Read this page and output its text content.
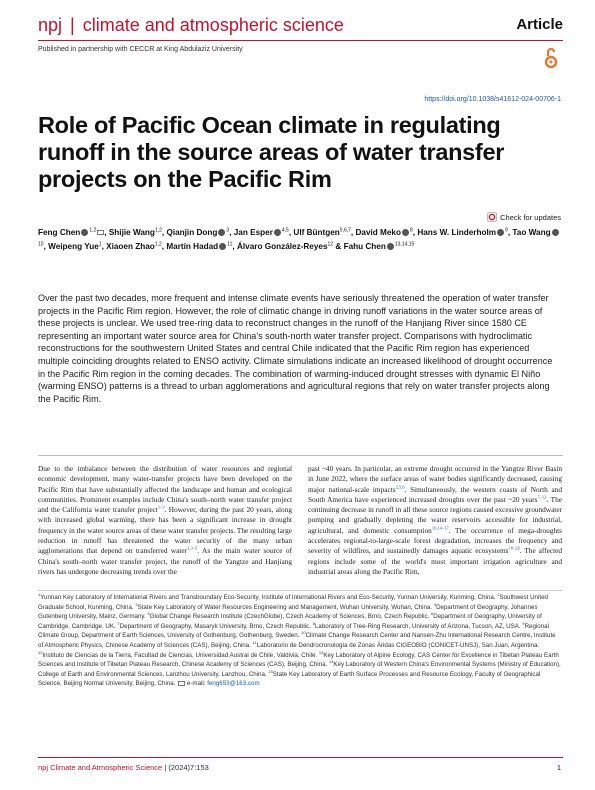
npj | climate and atmospheric science	Article
Published in partnership with CECCR at King Abdulaziz University
https://doi.org/10.1038/s41612-024-00706-1
Role of Pacific Ocean climate in regulating runoff in the source areas of water transfer projects on the Pacific Rim
Check for updates
Feng Chen $^{1,2}$ , Shijie Wang$^{1,2}$, Qianjin Dong $^3$, Jan Esper $^{4,5}$, Ulf Büntgen$^{5,6,7}$, David Meko $^8$, Hans W. Linderholm $^9$, Tao Wang$^{10}$, Weipeng Yue$^1$, Xiaoen Zhao$^{1,2}$, Martín Hadad $^{11}$, Álvaro González-Reyes$^{12}$ & Fahu Chen $^{13,14,15}$
Over the past two decades, more frequent and intense climate events have seriously threatened the operation of water transfer projects in the Pacific Rim region. However, the role of climatic change in driving runoff variations in the water source areas of these projects is unclear. We used tree-ring data to reconstruct changes in the runoff of the Hanjiang River since 1580 CE representing an important water source area for China's south-north water transfer project. Comparisons with hydroclimatic reconstructions for the southwestern United States and central Chile indicated that the Pacific Rim region has experienced multiple coinciding droughts related to ENSO activity. Climate simulations indicate an increased likelihood of drought occurrence in the Pacific Rim region in the coming decades. The combination of warming-induced drought stresses with dynamic El Niño (warming ENSO) patterns is a thread to urban agglomerations and agricultural regions that rely on water transfer projects along the Pacific Rim.
Due to the imbalance between the distribution of water resources and regional economic development, many water-transfer projects have been developed on the Pacific Rim that have substantially affected the landscape and human and ecological communities. Prominent examples include China's south–north water transfer project and the California water transfer project$^{1-3}$. However, during the past 20 years, along with increased global warming, there has been a significant increase in drought frequency in the water source areas of these water transfer projects. The resulting large reduction in runoff has threatened the water security of the many urban agglomerations that depend on transferred water$^{1,3-5}$. As the main water source of China's south–north water transfer project, the runoff of the Yangtze and Hanjiang rivers has undergone decreasing trends over the
past ~40 years. In particular, an extreme drought occurred in the Yangtze River Basin in June 2022, where the surface areas of water bodies significantly decreased, causing major national-scale impacts$^{2,5,6}$. Simultaneously, the western coasts of North and South America have experienced increased droughts over the past ~20 years$^{7-13}$. The continuing decrease in runoff in all these source regions caused excessive groundwater pumping and gradually depleting the water reservoirs accessible for industrial, agricultural, and domestic consumption$^{10,14-17}$. The occurrence of mega-droughts accelerates regional-to-large-scale forest degradation, increases the frequency and severity of wildfires, and sustainedly damages aquatic ecosystems$^{18-22}$. The affected regions include some of the world's most important irrigation agriculture and industrial areas along the Pacific Rim,
$^1$Yunnan Key Laboratory of International Rivers and Transboundary Eco-Security, Institute of International Rivers and Eco-Security, Yunnan University, Kunming, China. $^2$Southwest United Graduate School, Kunming, China. $^3$State Key Laboratory of Water Resources Engineering and Management, Wuhan University, Wuhan, China. $^4$Department of Geography, Johannes Gutenberg University, Mainz, Germany. $^5$Global Change Research Institute (CzechGlobe), Czech Academy of Sciences, Brno, Czech Republic. $^6$Department of Geography, University of Cambridge, Cambridge, UK. $^7$Department of Geography, Masaryk University, Brno, Czech Republic. $^8$Laboratory of Tree-Ring Research, University of Arizona, Tucson, AZ, USA. $^9$Regional Climate Group, Department of Earth Sciences, University of Gothenburg, Gothenburg, Sweden. $^{10}$Climate Change Research Center and Nansen-Zhu International Research Centre, Institute of Atmospheric Physics, Chinese Academy of Sciences (CAS), Beijing, China. $^{11}$Laboratorio de Dendrocronología de Zonas Áridas CIGEOBIO (CONICET-UNSJ), San Juan, Argentina. $^{12}$Instituto de Ciencias de la Tierra, Facultad de Ciencias, Universidad Austral de Chile, Valdivia, Chile. $^{13}$Key Laboratory of Alpine Ecology, CAS Center for Excellence in Tibetan Plateau Earth Sciences and Institute of Tibetan Plateau Research, Chinese Academy of Sciences (CAS), Beijing, China. $^{14}$Key Laboratory of Western China's Environmental Systems (Ministry of Education), College of Earth and Environmental Sciences, Lanzhou University, Lanzhou, China. $^{15}$State Key Laboratory of Earth Surface Processes and Resource Ecology, Faculty of Geographical Science, Beijing Normal University, Beijing, China. e-mail: feng653@163.com
npj Climate and Atmospheric Science | (2024)7:153	1
